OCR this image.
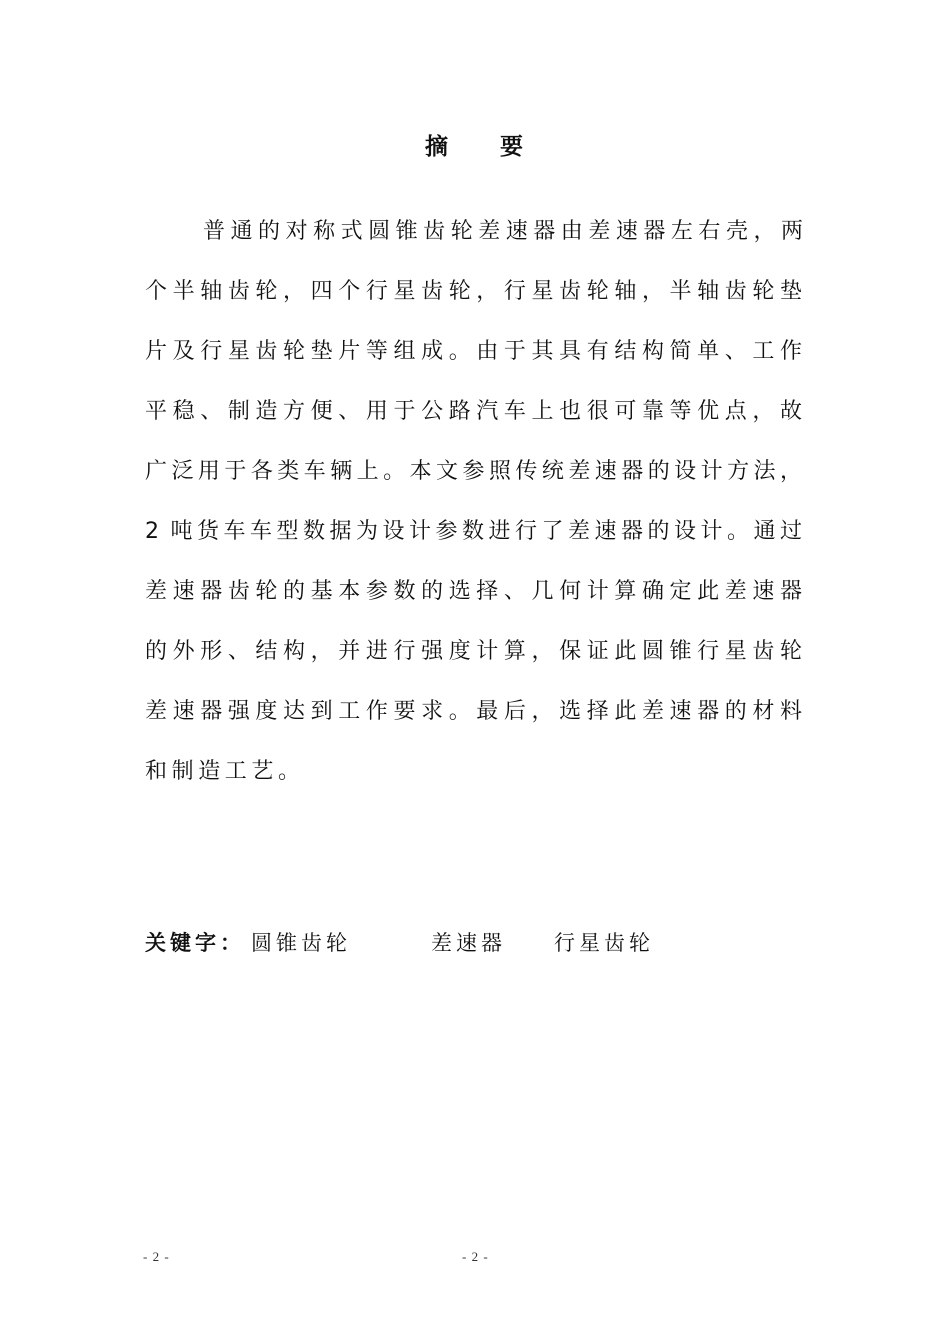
摘　　要
普通的对称式圆锥齿轮差速器由差速器左右壳，两
个半轴齿轮，四个行星齿轮，行星齿轮轴，半轴齿轮垫
片及行星齿轮垫片等组成。由于其具有结构简单、工作
平稳、制造方便、用于公路汽车上也很可靠等优点，故
广泛用于各类车辆上。本文参照传统差速器的设计方法，
2 吨货车车型数据为设计参数进行了差速器的设计。通过
差速器齿轮的基本参数的选择、几何计算确定此差速器
的外形、结构，并进行强度计算，保证此圆锥行星齿轮
差速器强度达到工作要求。最后，选择此差速器的材料
和制造工艺。
关键字： 圆锥齿轮	差速器 行星齿轮
- 2 -	- 2 -
